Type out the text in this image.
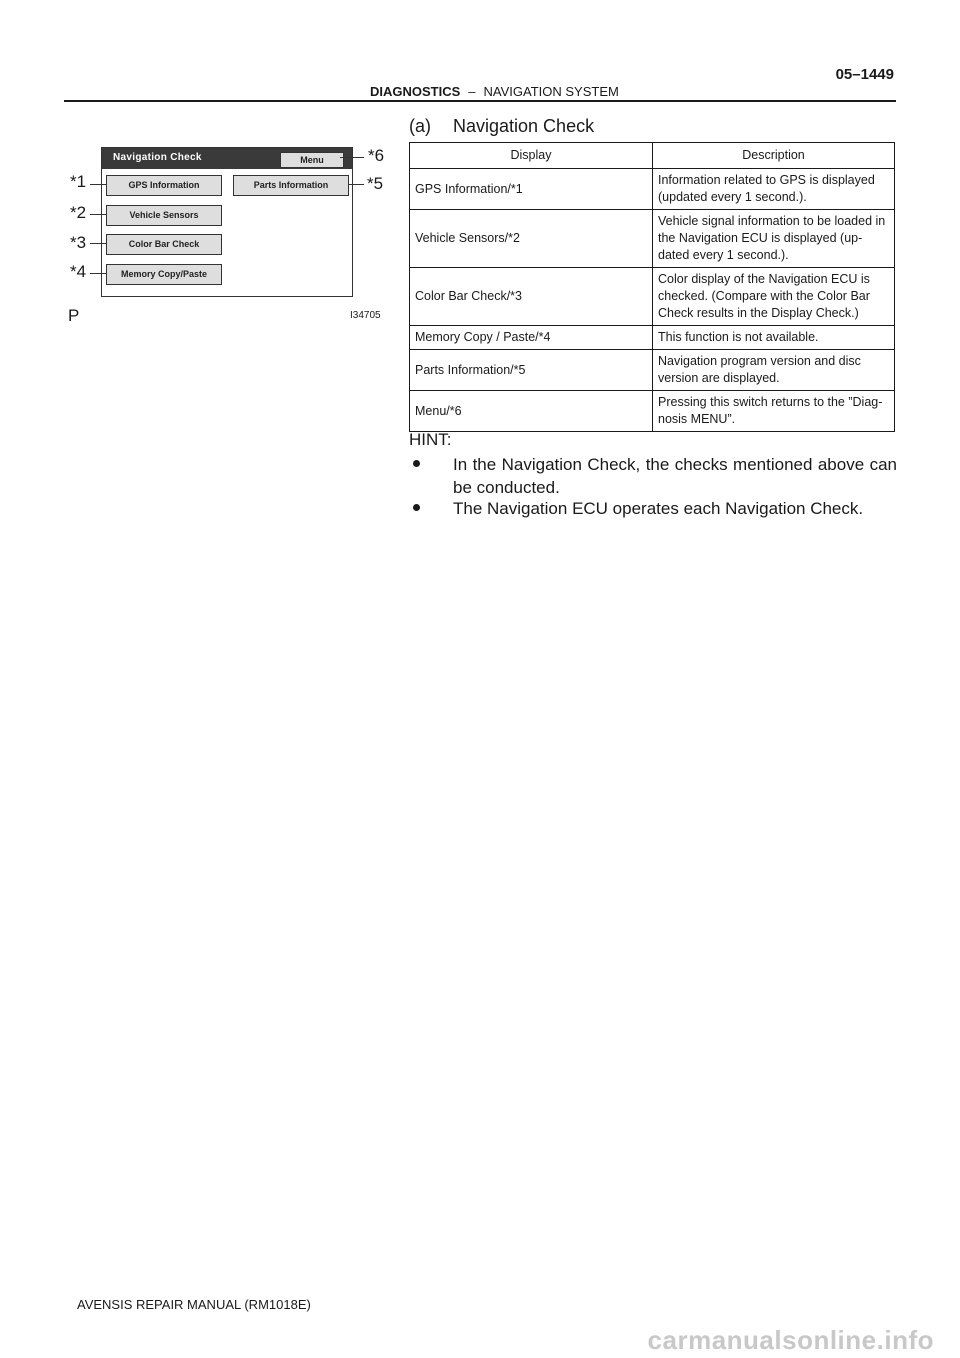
DIAGNOSTICS – NAVIGATION SYSTEM
05–1449
Navigation Check	Menu
GPS Information	Parts Information
Vehicle Sensors
Color Bar Check
Memory Copy/Paste
*1
*2
*3
*4
*5
*6
P	I34705
(a) Navigation Check
Display	Description
GPS Information/*1	Information related to GPS is displayed (updated every 1 second.).
Vehicle Sensors/*2	Vehicle signal information to be loaded in the Navigation ECU is displayed (up- dated every 1 second.).
Color Bar Check/*3	Color display of the Navigation ECU is checked. (Compare with the Color Bar Check results in the Display Check.)
Memory Copy / Paste/*4	This function is not available.
Parts Information/*5	Navigation program version and disc version are displayed.
Menu/*6	Pressing this switch returns to the ”Diag- nosis MENU”.
HINT:
In the Navigation Check, the checks mentioned above can be conducted.
The Navigation ECU operates each Navigation Check.
AVENSIS REPAIR MANUAL (RM1018E)
carmanualsonline.info
